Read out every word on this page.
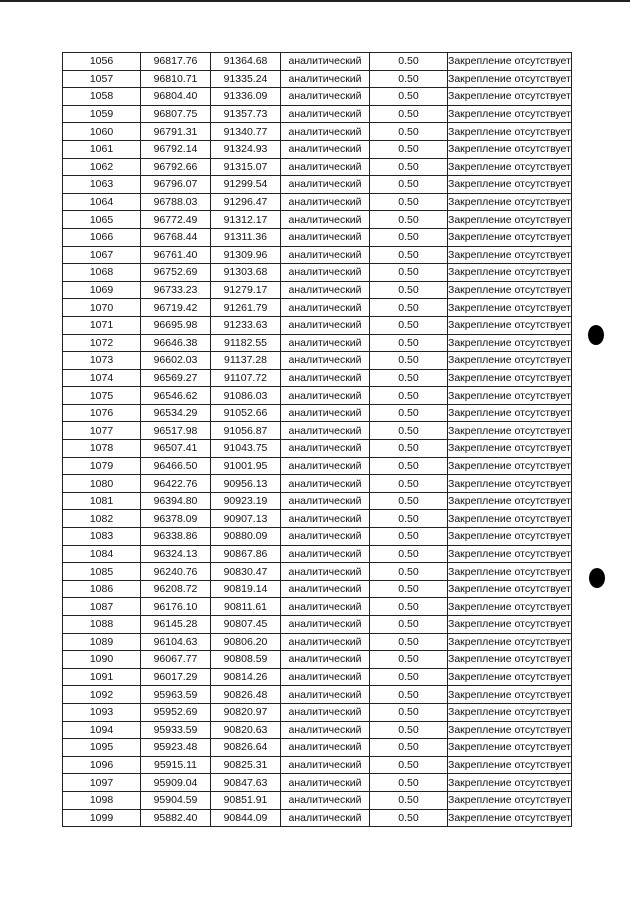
1056	96817.76	91364.68	аналитический	0.50	Закрепление отсутствует
1057	96810.71	91335.24	аналитический	0.50	Закрепление отсутствует
1058	96804.40	91336.09	аналитический	0.50	Закрепление отсутствует
1059	96807.75	91357.73	аналитический	0.50	Закрепление отсутствует
1060	96791.31	91340.77	аналитический	0.50	Закрепление отсутствует
1061	96792.14	91324.93	аналитический	0.50	Закрепление отсутствует
1062	96792.66	91315.07	аналитический	0.50	Закрепление отсутствует
1063	96796.07	91299.54	аналитический	0.50	Закрепление отсутствует
1064	96788.03	91296.47	аналитический	0.50	Закрепление отсутствует
1065	96772.49	91312.17	аналитический	0.50	Закрепление отсутствует
1066	96768.44	91311.36	аналитический	0.50	Закрепление отсутствует
1067	96761.40	91309.96	аналитический	0.50	Закрепление отсутствует
1068	96752.69	91303.68	аналитический	0.50	Закрепление отсутствует
1069	96733.23	91279.17	аналитический	0.50	Закрепление отсутствует
1070	96719.42	91261.79	аналитический	0.50	Закрепление отсутствует
1071	96695.98	91233.63	аналитический	0.50	Закрепление отсутствует
1072	96646.38	91182.55	аналитический	0.50	Закрепление отсутствует
1073	96602.03	91137.28	аналитический	0.50	Закрепление отсутствует
1074	96569.27	91107.72	аналитический	0.50	Закрепление отсутствует
1075	96546.62	91086.03	аналитический	0.50	Закрепление отсутствует
1076	96534.29	91052.66	аналитический	0.50	Закрепление отсутствует
1077	96517.98	91056.87	аналитический	0.50	Закрепление отсутствует
1078	96507.41	91043.75	аналитический	0.50	Закрепление отсутствует
1079	96466.50	91001.95	аналитический	0.50	Закрепление отсутствует
1080	96422.76	90956.13	аналитический	0.50	Закрепление отсутствует
1081	96394.80	90923.19	аналитический	0.50	Закрепление отсутствует
1082	96378.09	90907.13	аналитический	0.50	Закрепление отсутствует
1083	96338.86	90880.09	аналитический	0.50	Закрепление отсутствует
1084	96324.13	90867.86	аналитический	0.50	Закрепление отсутствует
1085	96240.76	90830.47	аналитический	0.50	Закрепление отсутствует
1086	96208.72	90819.14	аналитический	0.50	Закрепление отсутствует
1087	96176.10	90811.61	аналитический	0.50	Закрепление отсутствует
1088	96145.28	90807.45	аналитический	0.50	Закрепление отсутствует
1089	96104.63	90806.20	аналитический	0.50	Закрепление отсутствует
1090	96067.77	90808.59	аналитический	0.50	Закрепление отсутствует
1091	96017.29	90814.26	аналитический	0.50	Закрепление отсутствует
1092	95963.59	90826.48	аналитический	0.50	Закрепление отсутствует
1093	95952.69	90820.97	аналитический	0.50	Закрепление отсутствует
1094	95933.59	90820.63	аналитический	0.50	Закрепление отсутствует
1095	95923.48	90826.64	аналитический	0.50	Закрепление отсутствует
1096	95915.11	90825.31	аналитический	0.50	Закрепление отсутствует
1097	95909.04	90847.63	аналитический	0.50	Закрепление отсутствует
1098	95904.59	90851.91	аналитический	0.50	Закрепление отсутствует
1099	95882.40	90844.09	аналитический	0.50	Закрепление отсутствует
